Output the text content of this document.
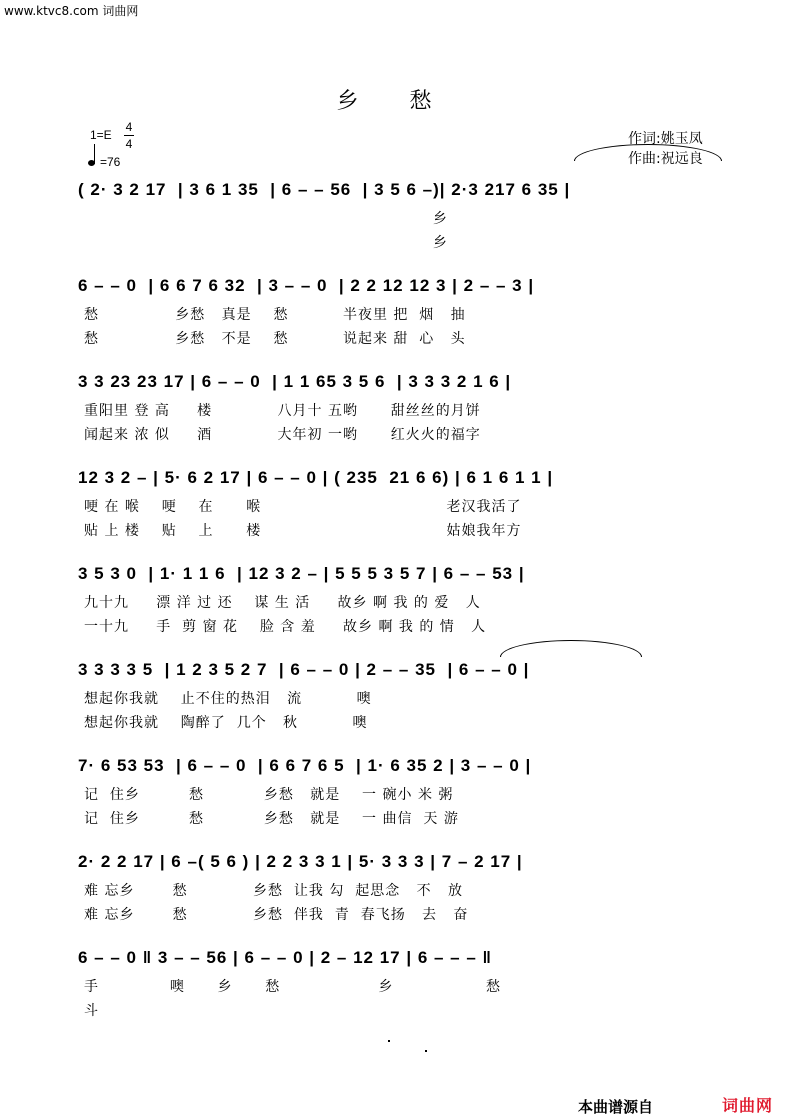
www.ktvc8.com 词曲网
乡 愁
1=E
4
4
=76
作词:姚玉凤
作曲:祝远良
( 2· 3 2 17  | 3 6 1 35  | 6 – – 56  | 3 5 6 –)| 2·3 217 6 35 |
乡
乡
6 – – 0  | 6 6 7 6 32  | 3 – – 0  | 2 2 12 12 3 | 2 – – 3 |
愁              乡愁   真是    愁          半夜里 把  烟   抽
愁              乡愁   不是    愁          说起来 甜  心   头
3 3 23 23 17 | 6 – – 0  | 1 1 65 3 5 6  | 3 3 3 2 1 6 |
重阳里 登 高     楼            八月十 五哟      甜丝丝的月饼
闻起来 浓 似     酒            大年初 一哟      红火火的福字
12 3 2 – | 5· 6 2 17 | 6 – – 0 | ( 235  21 6 6) | 6 1 6 1 1 |
哽 在 喉    哽    在      喉                                  老汉我活了
贴 上 楼    贴    上      楼                                  姑娘我年方
3 5 3 0  | 1· 1 1 6  | 12 3 2 – | 5 5 5 3 5 7 | 6 – – 53 |
九十九     漂 洋 过 还    谋 生 活     故乡 啊 我 的 爱   人
一十九     手  剪 窗 花    脸 含 羞     故乡 啊 我 的 情   人
3 3 3 3 5  | 1 2 3 5 2 7  | 6 – – 0 | 2 – – 35  | 6 – – 0 |
想起你我就    止不住的热泪   流          噢
想起你我就    陶醉了  几个   秋          噢
7· 6 53 53  | 6 – – 0  | 6 6 7 6 5  | 1· 6 35 2 | 3 – – 0 |
记  住乡         愁           乡愁   就是    一 碗小 米 粥
记  住乡         愁           乡愁   就是    一 曲信  天 游
2· 2 2 17 | 6 –( 5 6 ) | 2 2 3 3 1 | 5· 3 3 3 | 7 – 2 17 |
难 忘乡       愁            乡愁  让我 勾  起思念   不   放
难 忘乡       愁            乡愁  伴我  青  春飞扬   去   奋
6 – – 0 ‖ 3 – – 56 | 6 – – 0 | 2 – 12 17 | 6 – – – ‖
手             噢      乡      愁                  乡                 愁
斗
本曲谱源自	词曲网
